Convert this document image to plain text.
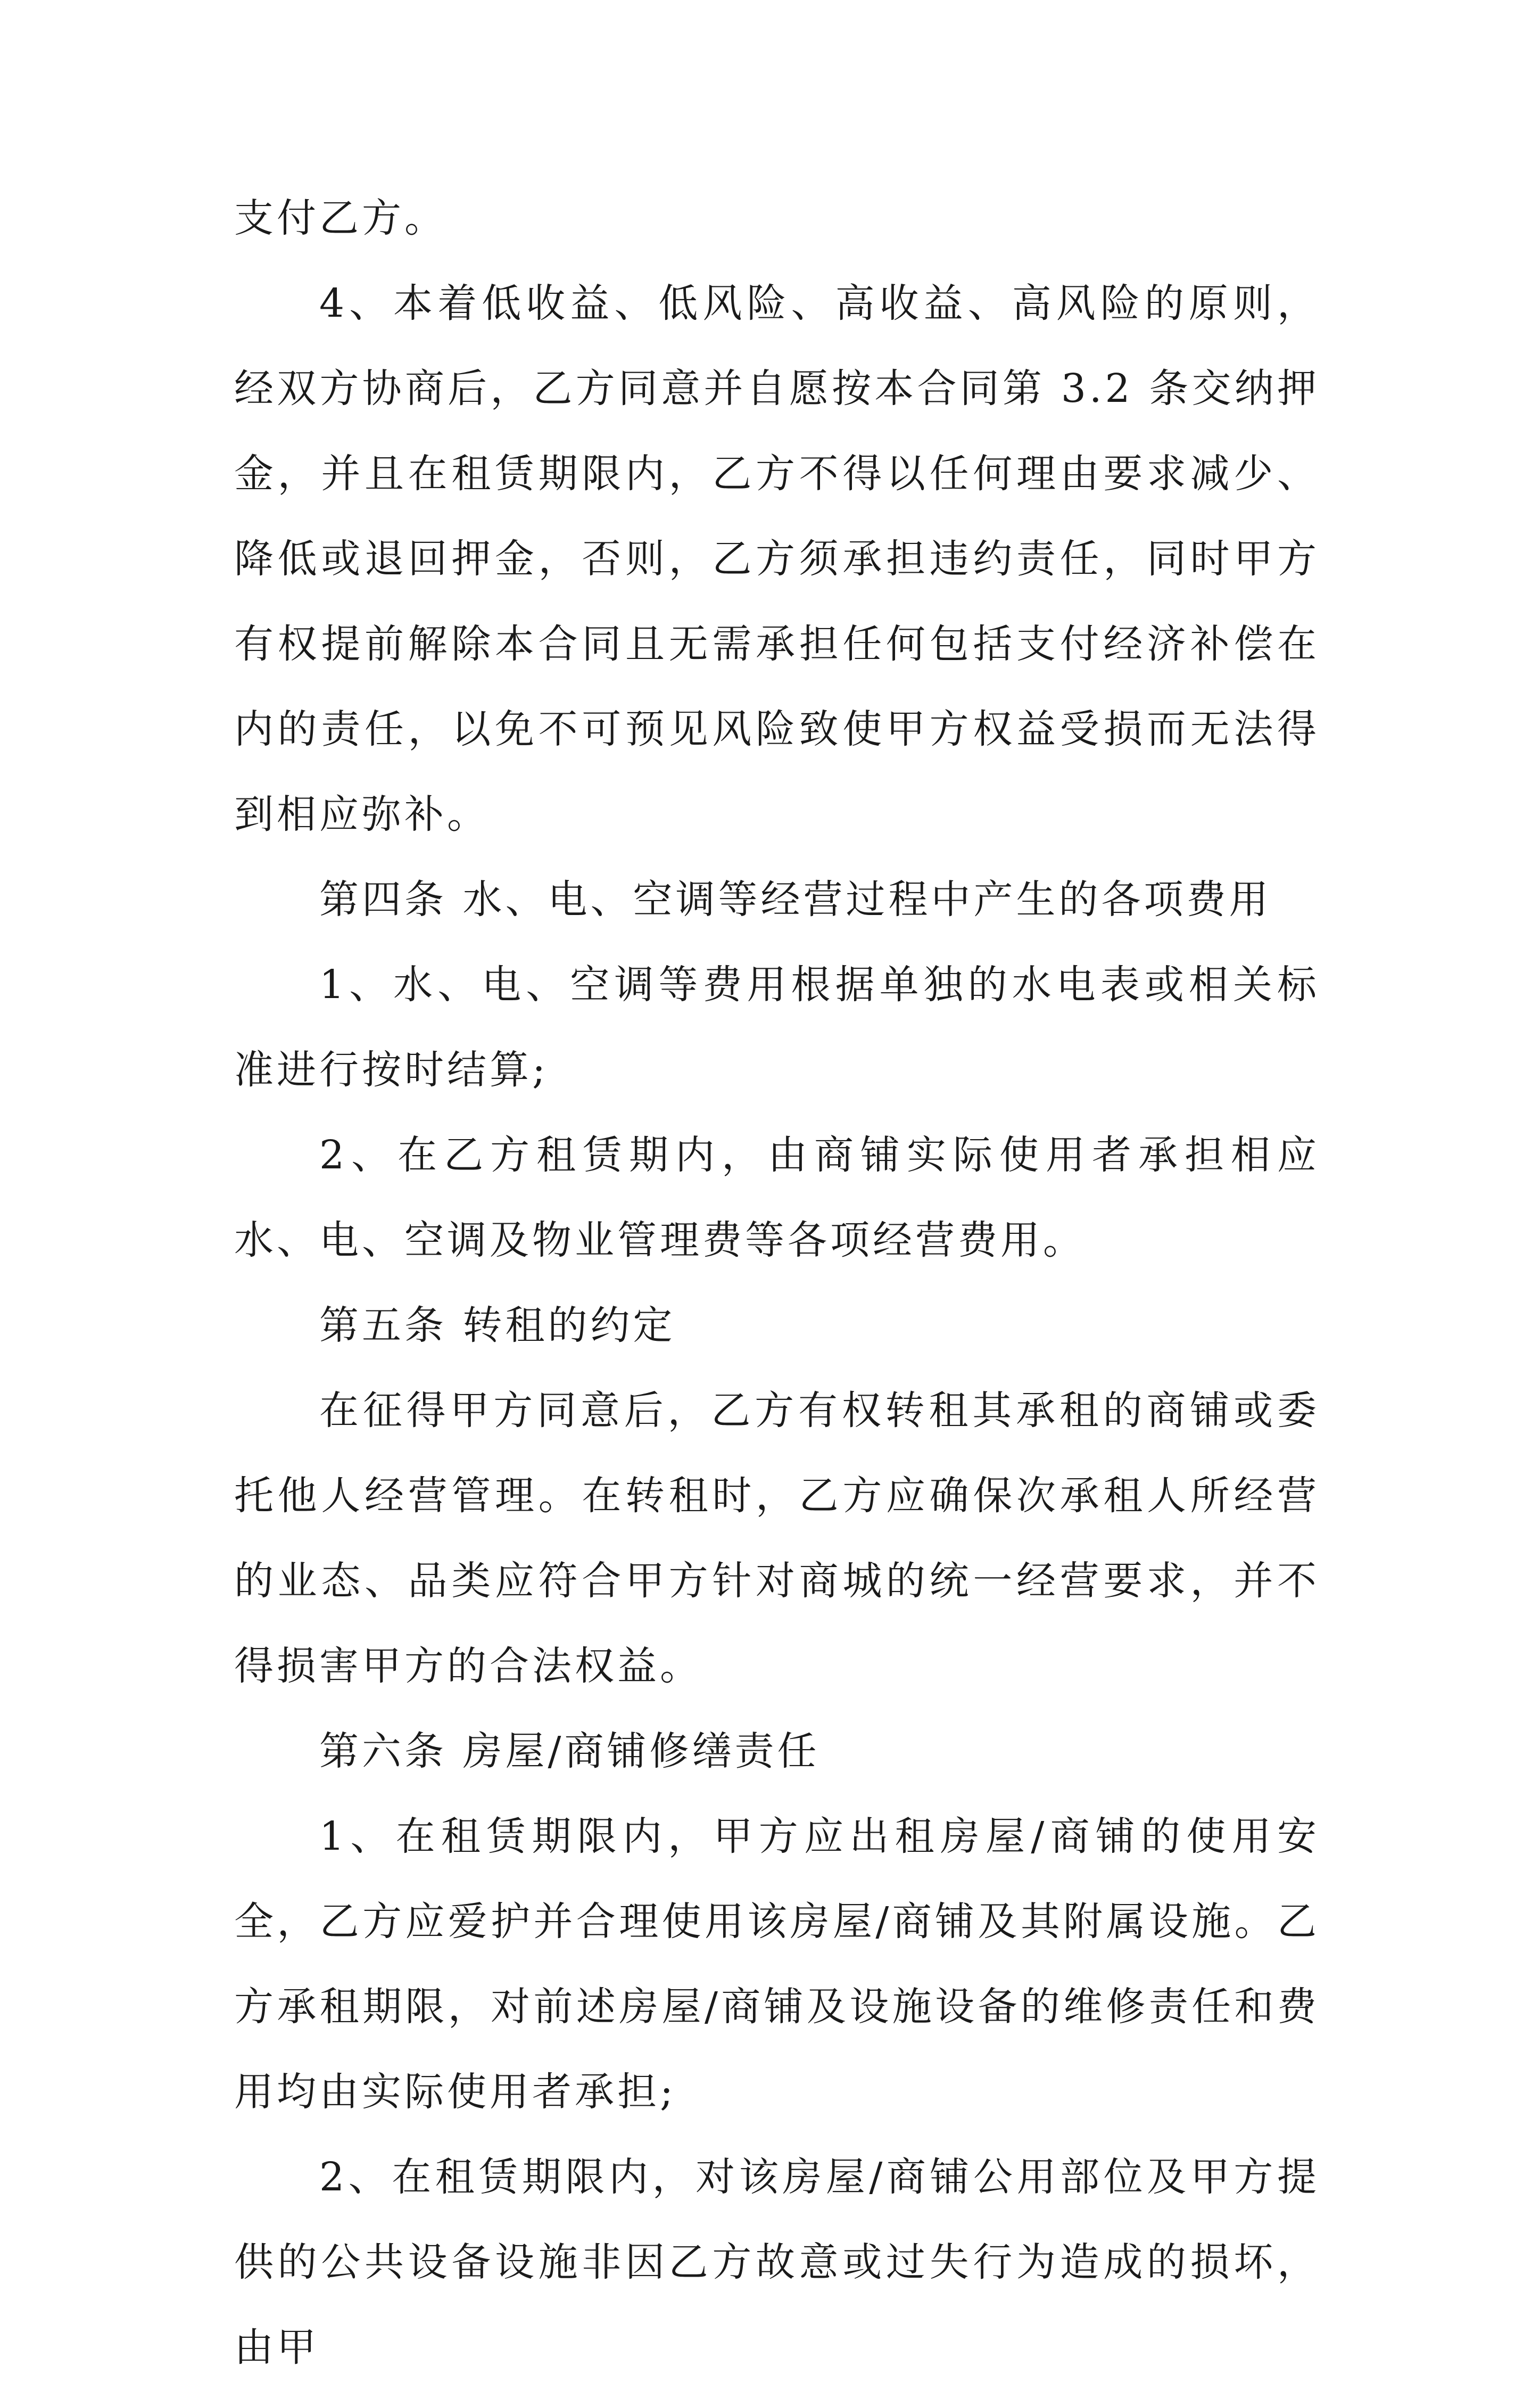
支付乙方。

4、本着低收益、低风险、高收益、高风险的原则，经双方协商后，乙方同意并自愿按本合同第 3.2 条交纳押金，并且在租赁期限内，乙方不得以任何理由要求减少、降低或退回押金，否则，乙方须承担违约责任，同时甲方有权提前解除本合同且无需承担任何包括支付经济补偿在内的责任，以免不可预见风险致使甲方权益受损而无法得到相应弥补。

第四条 水、电、空调等经营过程中产生的各项费用

1、水、电、空调等费用根据单独的水电表或相关标准进行按时结算;

2、在乙方租赁期内，由商铺实际使用者承担相应水、电、空调及物业管理费等各项经营费用。

第五条 转租的约定

在征得甲方同意后，乙方有权转租其承租的商铺或委托他人经营管理。在转租时，乙方应确保次承租人所经营的业态、品类应符合甲方针对商城的统一经营要求，并不得损害甲方的合法权益。

第六条 房屋/商铺修缮责任

1、在租赁期限内，甲方应出租房屋/商铺的使用安全，乙方应爱护并合理使用该房屋/商铺及其附属设施。乙方承租期限，对前述房屋/商铺及设施设备的维修责任和费用均由实际使用者承担;

2、在租赁期限内，对该房屋/商铺公用部位及甲方提供的公共设备设施非因乙方故意或过失行为造成的损坏，由甲
